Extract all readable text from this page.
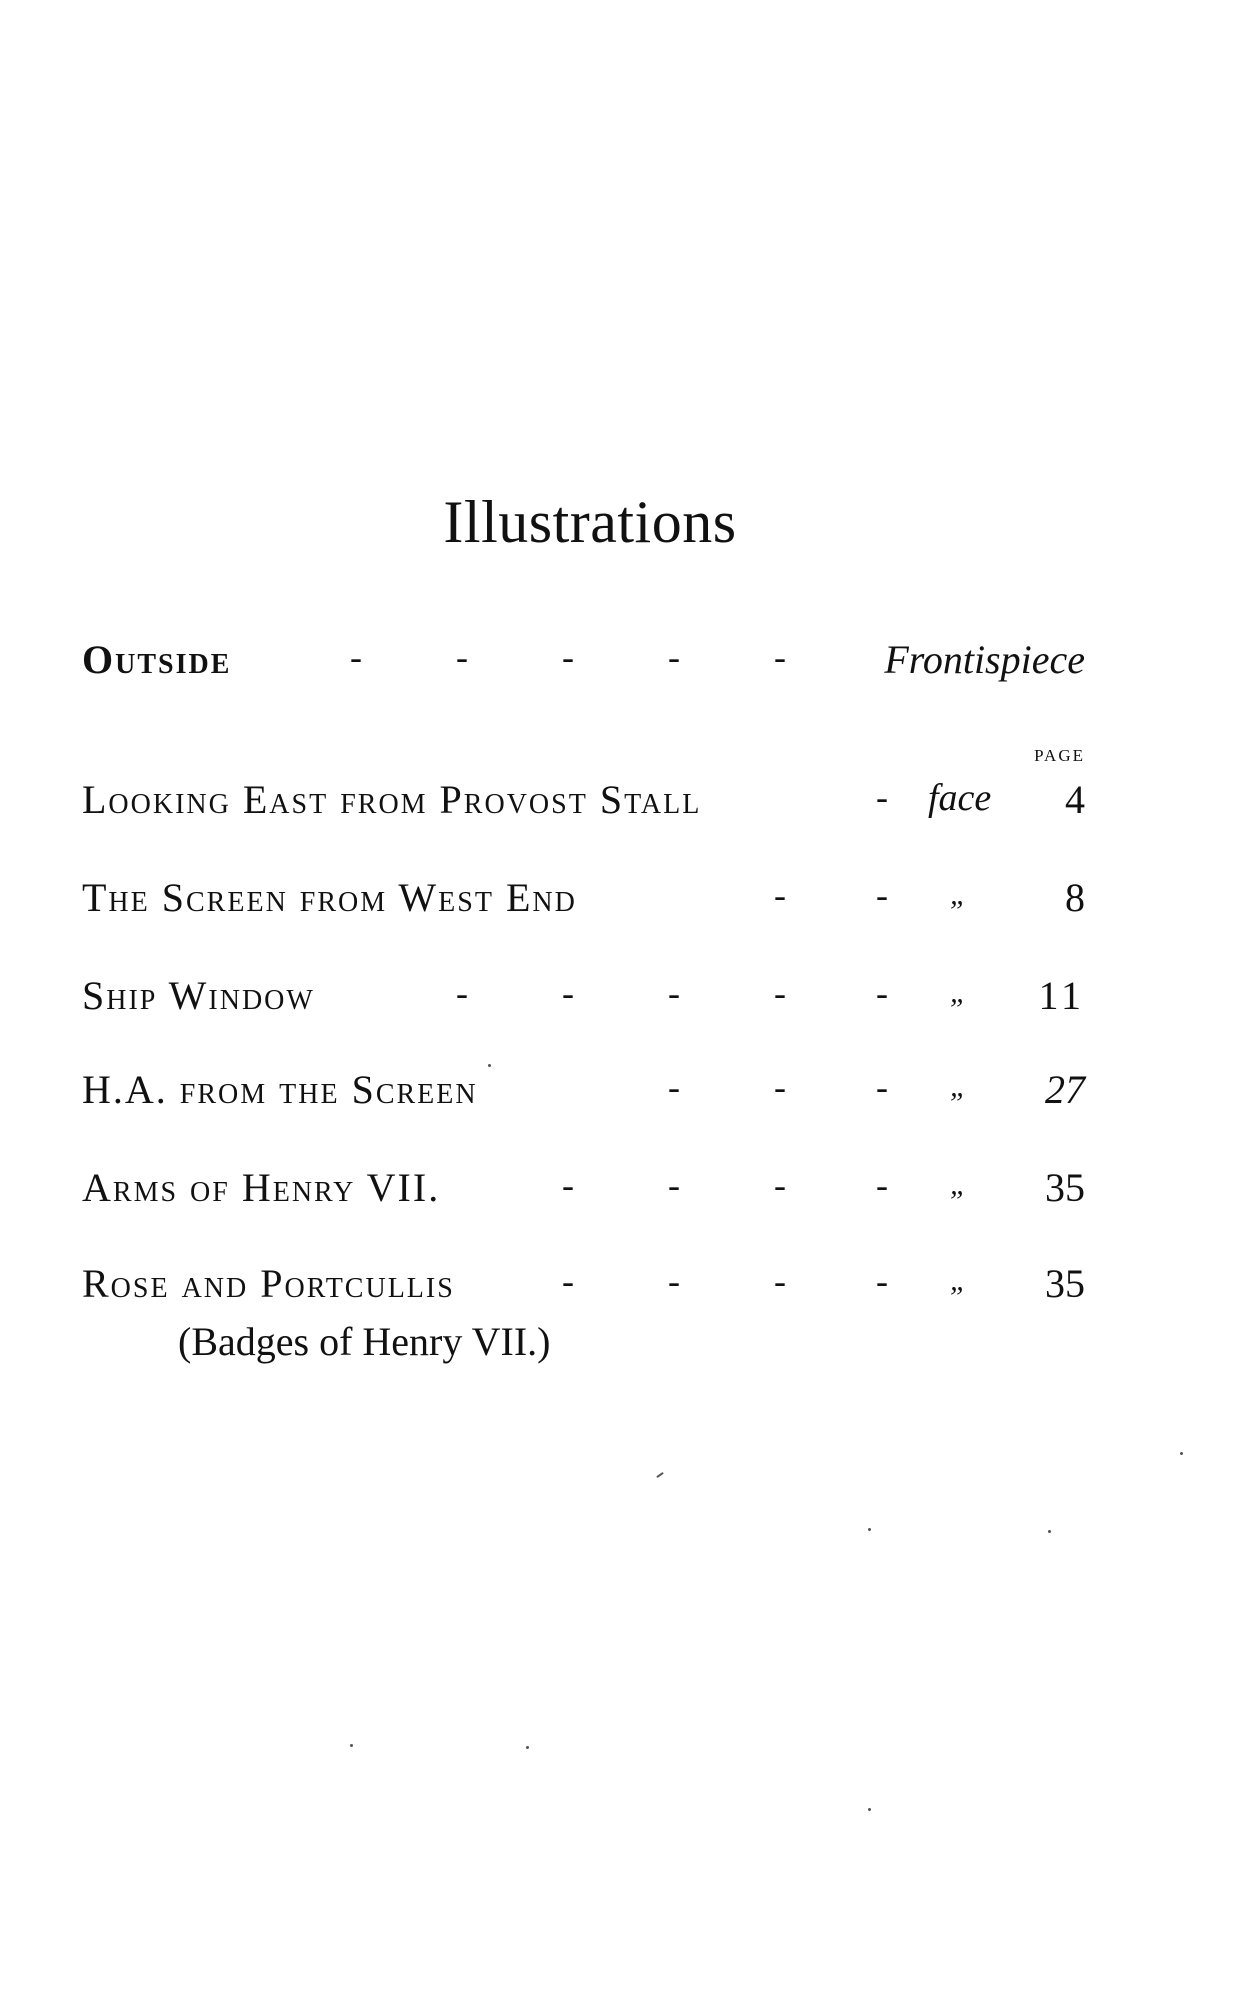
Illustrations
Outside	-	-	-	-	- Frontispiece
PAGE
Looking East from Provost Stall	- face 4
The Screen from West End	-	- „ 8
Ship Window	-	-	-	-	- „ 11
H.A. from the Screen	-	-	- „ 27
Arms of Henry VII.	-	-	-	- „ 35
Rose and Portcullis	-	-	-	- „ 35
(Badges of Henry VII.)
